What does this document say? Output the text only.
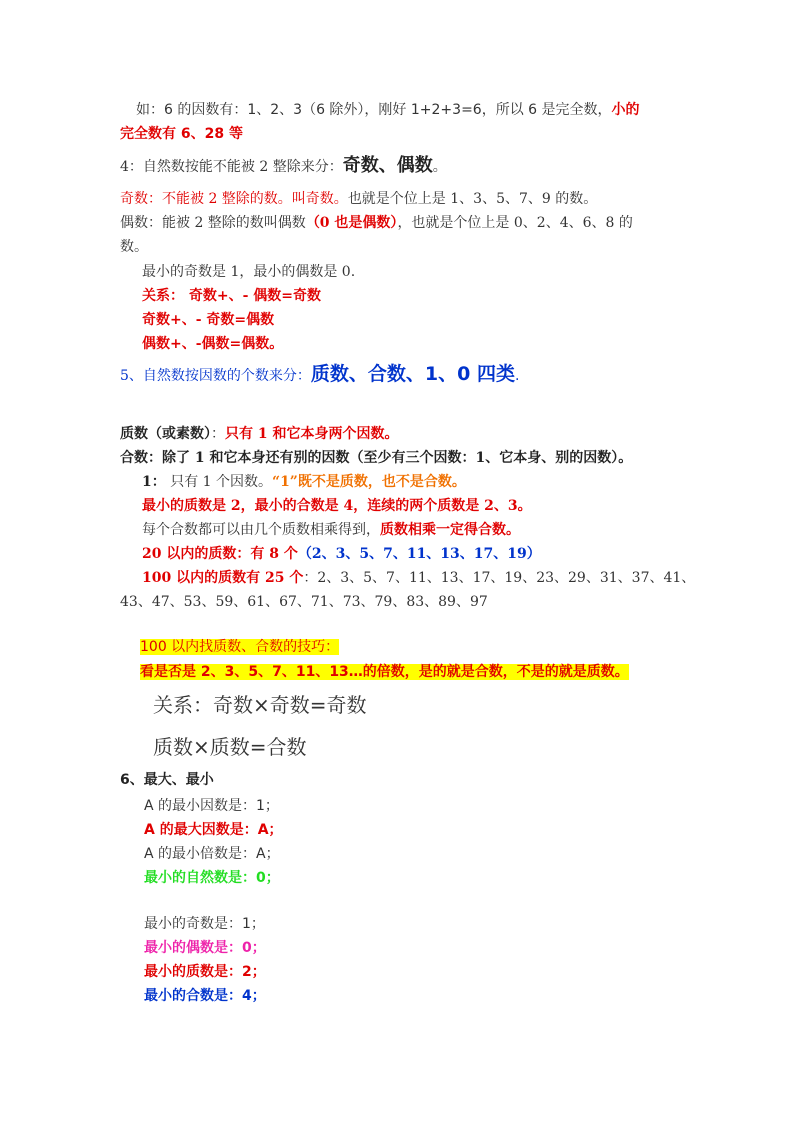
如：6 的因数有：1、2、3（6 除外），刚好 1+2+3=6，所以 6 是完全数，小的
完全数有 6、28 等
4：自然数按能不能被 2 整除来分：奇数、偶数。
奇数：不能被 2 整除的数。叫奇数。也就是个位上是 1、3、5、7、9 的数。
偶数：能被 2 整除的数叫偶数（0 也是偶数），也就是个位上是 0、2、4、6、8 的
数。
最小的奇数是 1，最小的偶数是 0.
关系： 奇数+、- 偶数=奇数
奇数+、- 奇数=偶数
偶数+、-偶数=偶数。
5、自然数按因数的个数来分：质数、合数、1、0 四类.
质数（或素数）：只有 1 和它本身两个因数。
合数：除了 1 和它本身还有别的因数（至少有三个因数：1、它本身、别的因数）。
1： 只有 1 个因数。“1”既不是质数，也不是合数。
最小的质数是 2，最小的合数是 4，连续的两个质数是 2、3。
每个合数都可以由几个质数相乘得到，质数相乘一定得合数。
20 以内的质数：有 8 个（2、3、5、7、11、13、17、19）
100 以内的质数有 25 个：2、3、5、7、11、13、17、19、23、29、31、37、41、
43、47、53、59、61、67、71、73、79、83、89、97
100 以内找质数、合数的技巧：
看是否是 2、3、5、7、11、13…的倍数，是的就是合数，不是的就是质数。
关系：奇数×奇数=奇数
质数×质数=合数
6、最大、最小
A 的最小因数是：1；
A 的最大因数是：A；
A 的最小倍数是：A；
最小的自然数是：0；
最小的奇数是：1；
最小的偶数是：0；
最小的质数是：2；
最小的合数是：4；
